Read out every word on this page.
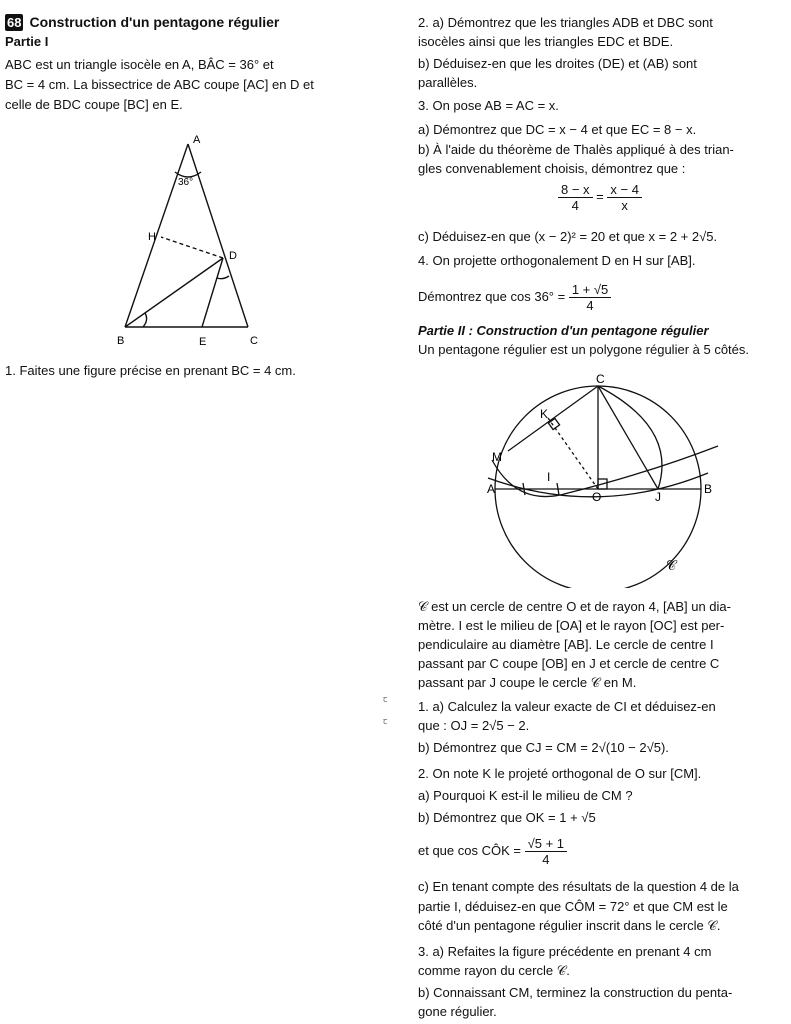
68 Construction d'un pentagone régulier
Partie I
ABC est un triangle isocèle en A, BÂC = 36° et
BC = 4 cm. La bissectrice de ABC coupe [AC] en D et
celle de BDC coupe [BC] en E.
A
36°
H
D
B	E	C
1. Faites une figure précise en prenant BC = 4 cm.
ꞇ
ꞇ
2. a) Démontrez que les triangles ADB et DBC sont
isocèles ainsi que les triangles EDC et BDE.
b) Déduisez-en que les droites (DE) et (AB) sont
parallèles.
3. On pose AB = AC = x.
a) Démontrez que DC = x − 4 et que EC = 8 − x.
b) À l'aide du théorème de Thalès appliqué à des trian-
gles convenablement choisis, démontrez que :
$\frac{8 - x}{4} = \frac{x - 4}{x}$
c) Déduisez-en que (x − 2)² = 20 et que x = 2 + 2√5.
4. On projette orthogonalement D en H sur [AB].
Démontrez que $\cos 36^\circ = \frac{1 + √5}{4}$
Partie II : Construction d'un pentagone régulier
Un pentagone régulier est un polygone régulier à 5 côtés.
C
K
M
A
I
O	J
B
𝒞
𝒞 est un cercle de centre O et de rayon 4, [AB] un dia-
mètre. I est le milieu de [OA] et le rayon [OC] est per-
pendiculaire au diamètre [AB]. Le cercle de centre I
passant par C coupe [OB] en J et cercle de centre C
passant par J coupe le cercle 𝒞 en M.
1. a) Calculez la valeur exacte de CI et déduisez-en
que : OJ = 2√5 − 2.
b) Démontrez que CJ = CM = 2√(10 − 2√5).
2. On note K le projeté orthogonal de O sur [CM].
a) Pourquoi K est-il le milieu de CM ?
b) Démontrez que OK = 1 + √5
et que cos CÔK = $\frac{√5 + 1}{4}$
c) En tenant compte des résultats de la question 4 de la
partie I, déduisez-en que CÔM = 72° et que CM est le
côté d'un pentagone régulier inscrit dans le cercle 𝒞.
3. a) Refaites la figure précédente en prenant 4 cm
comme rayon du cercle 𝒞.
b) Connaissant CM, terminez la construction du penta-
gone régulier.
